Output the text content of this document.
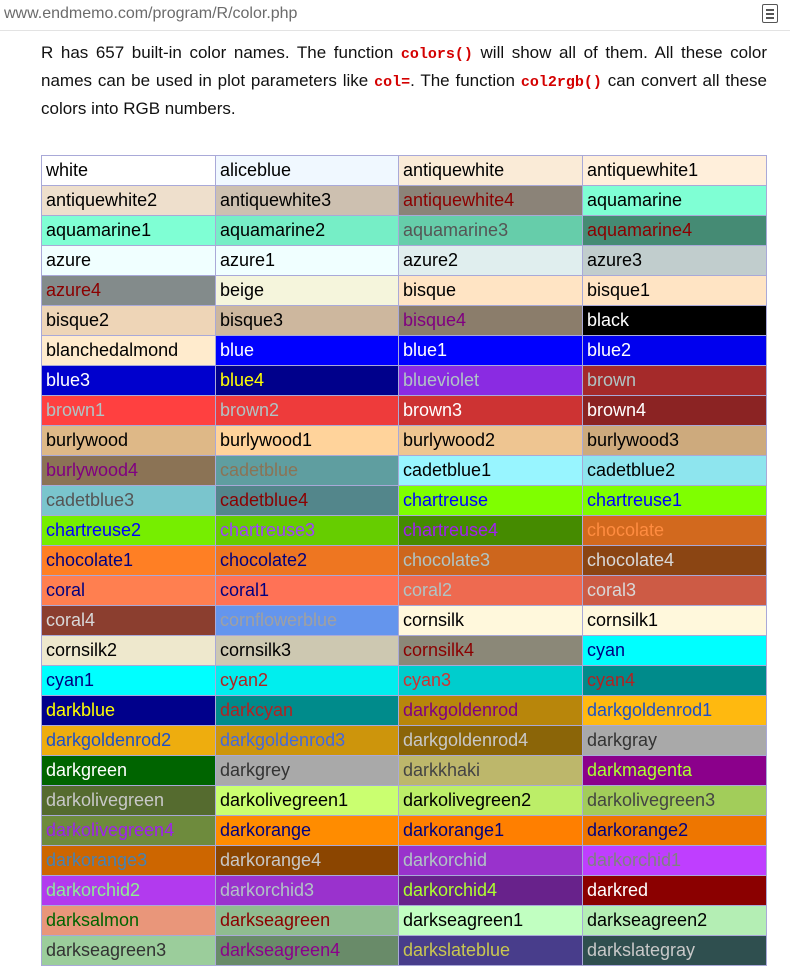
www.endmemo.com/program/R/color.php

R has 657 built-in color names. The function colors() will show all of them. All these color names can be used in plot parameters like col=. The function col2rgb() can convert all these colors into RGB numbers.

white	aliceblue	antiquewhite	antiquewhite1
antiquewhite2	antiquewhite3	antiquewhite4	aquamarine
aquamarine1	aquamarine2	aquamarine3	aquamarine4
azure	azure1	azure2	azure3
azure4	beige	bisque	bisque1
bisque2	bisque3	bisque4	black
blanchedalmond	blue	blue1	blue2
blue3	blue4	blueviolet	brown
brown1	brown2	brown3	brown4
burlywood	burlywood1	burlywood2	burlywood3
burlywood4	cadetblue	cadetblue1	cadetblue2
cadetblue3	cadetblue4	chartreuse	chartreuse1
chartreuse2	chartreuse3	chartreuse4	chocolate
chocolate1	chocolate2	chocolate3	chocolate4
coral	coral1	coral2	coral3
coral4	cornflowerblue	cornsilk	cornsilk1
cornsilk2	cornsilk3	cornsilk4	cyan
cyan1	cyan2	cyan3	cyan4
darkblue	darkcyan	darkgoldenrod	darkgoldenrod1
darkgoldenrod2	darkgoldenrod3	darkgoldenrod4	darkgray
darkgreen	darkgrey	darkkhaki	darkmagenta
darkolivegreen	darkolivegreen1	darkolivegreen2	darkolivegreen3
darkolivegreen4	darkorange	darkorange1	darkorange2
darkorange3	darkorange4	darkorchid	darkorchid1
darkorchid2	darkorchid3	darkorchid4	darkred
darksalmon	darkseagreen	darkseagreen1	darkseagreen2
darkseagreen3	darkseagreen4	darkslateblue	darkslategray
